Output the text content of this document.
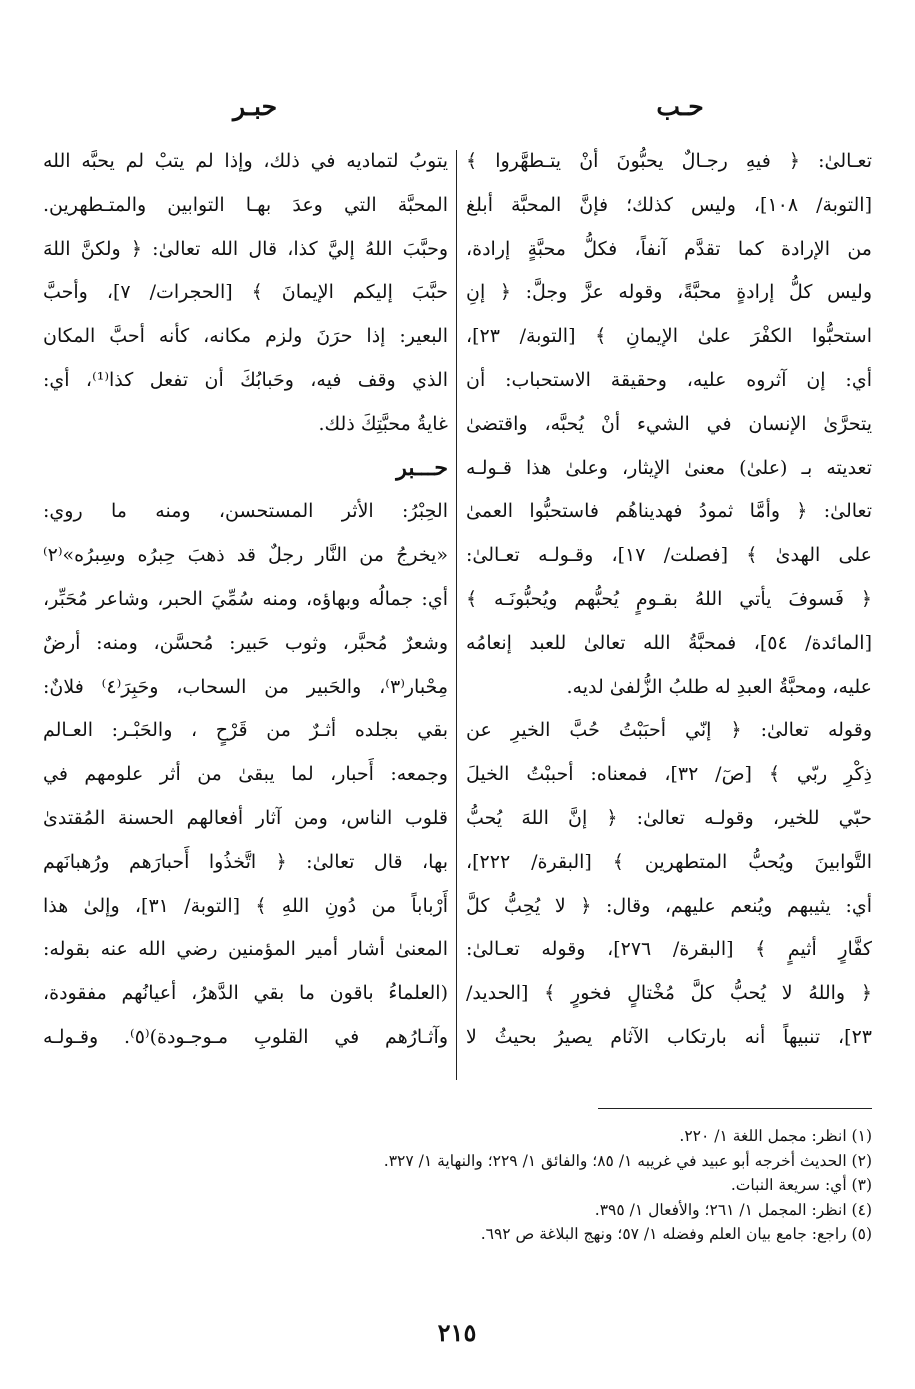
حـب
حبـر
تعـالىٰ: ﴿ فيهِ رجـالٌ يحبُّونَ أنْ يتـطهَّروا ﴾
[التوبة/ ١٠٨]، وليس كذلك؛ فإنَّ المحبَّة أبلغ
من الإرادة كما تقدَّم آنفاً، فكلُّ محبَّةٍ إرادة،
وليس كلُّ إرادةٍ محبَّةً، وقوله عزَّ وجلَّ: ﴿ إنِ
استحبُّوا الكفْرَ علىٰ الإيمانِ ﴾ [التوبة/ ٢٣]،
أي: إن آثروه عليه، وحقيقة الاستحباب: أن
يتحرَّىٰ الإنسان في الشيء أنْ يُحبَّه، واقتضىٰ
تعديته بـ (علىٰ) معنىٰ الإيثار، وعلىٰ هذا قـولـه
تعالىٰ: ﴿ وأمَّا ثمودُ فهديناهُم فاستحبُّوا العمىٰ
على الهدىٰ ﴾ [فصلت/ ١٧]، وقـولـه تعـالىٰ:
﴿ فَسوفَ يأتي اللهُ بقـومٍ يُحبُّهم ويُحبُّونَـه ﴾
[المائدة/ ٥٤]، فمحبَّةُ الله تعالىٰ للعبد إنعامُه
عليه، ومحبَّةُ العبدِ له طلبُ الزُّلفىٰ لديه.
وقوله تعالىٰ: ﴿ إنّي أحبَبْتُ حُبَّ الخيرِ عن
ذِكْرِ ربّي ﴾ [صٓ/ ٣٢]، فمعناه: أحببْتُ الخيلَ
حبّي للخير، وقولـه تعالىٰ: ﴿ إنَّ اللهَ يُحبُّ
التَّوابينَ ويُحبُّ المتطهرين ﴾ [البقرة/ ٢٢٢]،
أي: يثيبهم ويُنعم عليهم، وقال: ﴿ لا يُحِبُّ كلَّ
كفَّارٍ أثيمٍ ﴾ [البقرة/ ٢٧٦]، وقوله تعـالىٰ:
﴿ واللهُ لا يُحبُّ كلَّ مُخْتالٍ فخورٍ ﴾ [الحديد/
٢٣]، تنبيهاً أنه بارتكاب الآثام يصيرُ بحيثُ لا
يتوبُ لتماديه في ذلك، وإذا لم يتبْ لم يحبَّه الله
المحبَّة التي وعدَ بهـا التوابين والمتـطهرين.
وحبَّبَ اللهُ إليَّ كذا، قال الله تعالىٰ: ﴿ ولكنَّ اللهَ
حبَّبَ إليكم الإيمانَ ﴾ [الحجرات/ ٧]، وأحبَّ
البعير: إذا حرَنَ ولزم مكانه، كأنه أحبَّ المكان
الذي وقف فيه، وحَبابُكَ أن تفعل كذا⁽¹⁾، أي:
غايةُ محبَّتِكَ ذلك.
حـــبر
الحِبْرُ: الأثر المستحسن، ومنه ما روي:
«يخرجُ من النَّار رجلٌ قد ذهبَ حِبرُه وسِبرُه»⁽٢⁾
أي: جمالُه وبهاؤه، ومنه سُمِّيَ الحبر، وشاعر مُحَبِّر،
وشعرٌ مُحبَّر، وثوب حَبير: مُحسَّن، ومنه: أرضٌ
مِحْبار⁽٣⁾، والحَبير من السحاب، وحَبِرَ⁽٤⁾ فلانٌ:
بقي بجلده أثـرٌ من قَرْحٍ ، والحَبْـر: العـالم
وجمعه: أَحبار، لما يبقىٰ من أثر علومهم في
قلوب الناس، ومن آثار أفعالهم الحسنة المُقتدىٰ
بها، قال تعالىٰ: ﴿ اتَّخذُوا أَحبارَهم ورُهبانَهم
أَرْباباً من دُونِ اللهِ ﴾ [التوبة/ ٣١]، وإلىٰ هذا
المعنىٰ أشار أمير المؤمنين رضي الله عنه بقوله:
(العلماءُ باقون ما بقي الدَّهرُ، أعيانُهم مفقودة،
وآثـارُهم في القلوبِ مـوجـودة)⁽٥⁾. وقـولـه
(١) انظر: مجمل اللغة ١/ ٢٢٠.
(٢) الحديث أخرجه أبو عبيد في غريبه ١/ ٨٥؛ والفائق ١/ ٢٢٩؛ والنهاية ١/ ٣٢٧.
(٣) أي: سريعة النبات.
(٤) انظر: المجمل ١/ ٢٦١؛ والأفعال ١/ ٣٩٥.
(٥) راجع: جامع بيان العلم وفضله ١/ ٥٧؛ ونهج البلاغة ص ٦٩٢.
٢١٥
